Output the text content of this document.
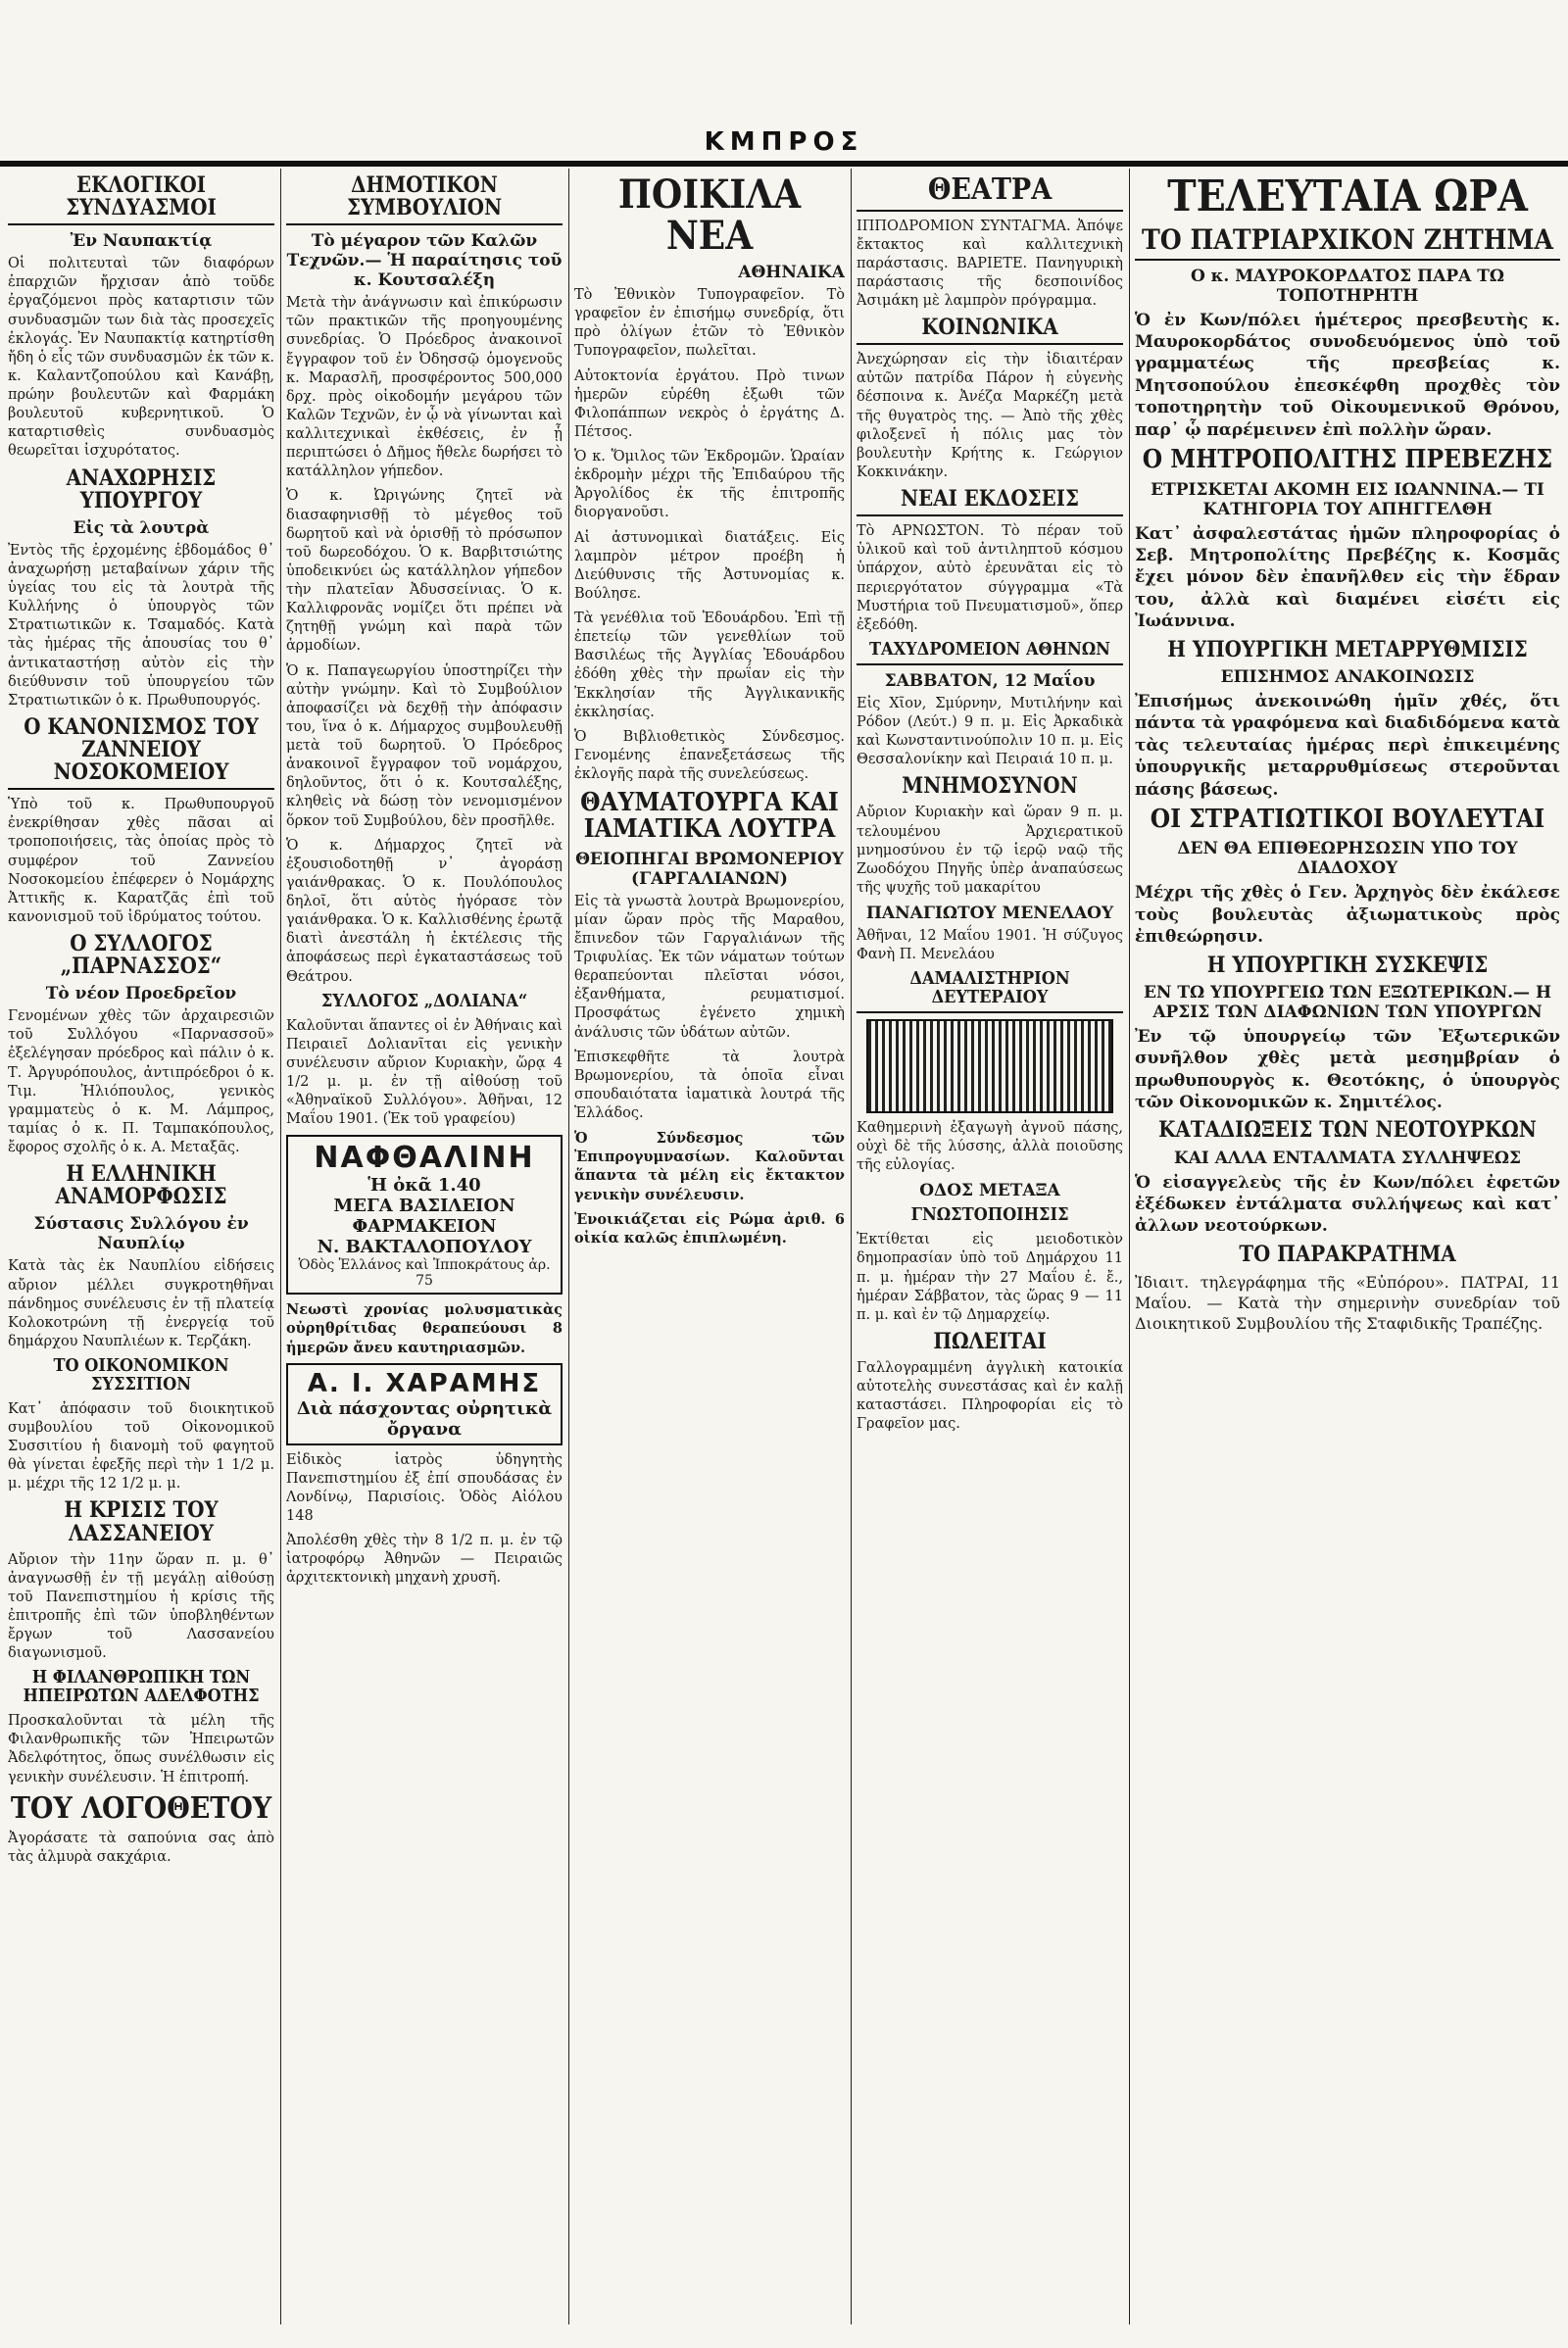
ΚΜΠΡΟΣ
ΕΚΛΟΓΙΚΟΙ ΣΥΝΔΥΑΣΜΟΙ
Ἐν Ναυπακτίᾳ

Οἱ πολιτευταὶ τῶν διαφόρων ἐπαρχιῶν ἤρχισαν ἀπὸ τοῦδε ἐργαζόμενοι πρὸς καταρτισιν τῶν συνδυασμῶν των διὰ τὰς προσεχεῖς ἐκλογάς. Ἐν Ναυπακτίᾳ κατηρτίσθη ἤδη ὁ εἷς τῶν συνδυασμῶν ἐκ τῶν κ. κ. Καλαντζοπούλου καὶ Κανάβῃ, πρώην βουλευτῶν καὶ Φαρμάκη βουλευτοῦ κυβερνητικοῦ. Ὁ καταρτισθεὶς συνδυασμὸς θεωρεῖται ἰσχυρότατος.

ΑΝΑΧΩΡΗΣΙΣ ΥΠΟΥΡΓΟΥ
Εἰς τὰ λουτρὰ

Ἐντὸς τῆς ἐρχομένης ἑβδομάδος θ᾽ ἀναχωρήσῃ μεταβαίνων χάριν τῆς ὑγείας του εἰς τὰ λουτρὰ τῆς Κυλλήνης ὁ ὑπουργὸς τῶν Στρατιωτικῶν κ. Τσαμαδός. Κατὰ τὰς ἡμέρας τῆς ἀπουσίας του θ᾽ ἀντικαταστήσῃ αὐτὸν εἰς τὴν διεύθυνσιν τοῦ ὑπουργείου τῶν Στρατιωτικῶν ὁ κ. Πρωθυπουργός.

Ο ΚΑΝΟΝΙΣΜΟΣ ΤΟΥ ΖΑΝΝΕΙΟΥ ΝΟΣΟΚΟΜΕΙΟΥ

Ὑπὸ τοῦ κ. Πρωθυπουργοῦ ἐνεκρίθησαν χθὲς πᾶσαι αἱ τροποποιήσεις, τὰς ὁποίας πρὸς τὸ συμφέρον τοῦ Ζαννείου Νοσοκομείου ἐπέφερεν ὁ Νομάρχης Ἀττικῆς κ. Καρατζᾶς ἐπὶ τοῦ κανονισμοῦ τοῦ ἱδρύματος τούτου.

Ο ΣΥΛΛΟΓΟΣ „ΠΑΡΝΑΣΣΟΣ“
Τὸ νέον Προεδρεῖον

Γενομένων χθὲς τῶν ἀρχαιρεσιῶν τοῦ Συλλόγου «Παρνασσοῦ» ἐξελέγησαν πρόεδρος καὶ πάλιν ὁ κ. Τ. Ἀργυρόπουλος, ἀντιπρόεδροι ὁ κ. Τιμ. Ἠλιόπουλος, γενικὸς γραμματεὺς ὁ κ. Μ. Λάμπρος, ταμίας ὁ κ. Π. Ταμπακόπουλος, ἔφορος σχολῆς ὁ κ. Α. Μεταξᾶς.

Η ΕΛΛΗΝΙΚΗ ΑΝΑΜΟΡΦΩΣΙΣ
Σύστασις Συλλόγου ἐν Ναυπλίῳ

Κατὰ τὰς ἐκ Ναυπλίου εἰδήσεις αὔριον μέλλει συγκροτηθῆναι πάνδημος συνέλευσις ἐν τῇ πλατείᾳ Κολοκοτρώνη τῇ ἐνεργείᾳ τοῦ δημάρχου Ναυπλιέων κ. Τερζάκη.

ΤΟ ΟΙΚΟΝΟΜΙΚΟΝ ΣΥΣΣΙΤΙΟΝ

Κατ᾽ ἀπόφασιν τοῦ διοικητικοῦ συμβουλίου τοῦ Οἰκονομικοῦ Συσσιτίου ἡ διανομὴ τοῦ φαγητοῦ θὰ γίνεται ἐφεξῆς περὶ τὴν 1 1/2 μ. μ. μέχρι τῆς 12 1/2 μ. μ.

Η ΚΡΙΣΙΣ ΤΟΥ ΛΑΣΣΑΝΕΙΟΥ

Αὔριον τὴν 11ην ὥραν π. μ. θ᾽ ἀναγνωσθῇ ἐν τῇ μεγάλῃ αἰθούσῃ τοῦ Πανεπιστημίου ἡ κρίσις τῆς ἐπιτροπῆς ἐπὶ τῶν ὑποβληθέντων ἔργων τοῦ Λασσανείου διαγωνισμοῦ.

Η ΦΙΛΑΝΘΡΩΠΙΚΗ ΤΩΝ ΗΠΕΙΡΩΤΩΝ ΑΔΕΛΦΟΤΗΣ

Προσκαλοῦνται τὰ μέλη τῆς Φιλανθρωπικῆς τῶν Ἠπειρωτῶν Ἀδελφότητος, ὅπως συνέλθωσιν εἰς γενικὴν συνέλευσιν. Ἡ ἐπιτροπή.

ΤΟΥ ΛΟΓΟΘΕΤΟΥ

Ἀγοράσατε τὰ σαπούνια σας ἀπὸ τὰς ἀλμυρὰ σακχάρια.

ΔΗΜΟΤΙΚΟΝ ΣΥΜΒΟΥΛΙΟΝ
Τὸ μέγαρον τῶν Καλῶν Τεχνῶν.— Ἡ παραίτησις τοῦ κ. Κουτσαλέξη

Μετὰ τὴν ἀνάγνωσιν καὶ ἐπικύρωσιν τῶν πρακτικῶν τῆς προηγουμένης συνεδρίας. Ὁ Πρόεδρος ἀνακοινοῖ ἔγγραφον τοῦ ἐν Ὀδησσῷ ὁμογενοῦς κ. Μαρασλῆ, προσφέροντος 500,000 δρχ. πρὸς οἰκοδομήν μεγάρου τῶν Καλῶν Τεχνῶν, ἐν ᾧ νὰ γίνωνται καὶ καλλιτεχνικαὶ ἐκθέσεις, ἐν ᾗ περιπτώσει ὁ Δῆμος ἤθελε δωρήσει τὸ κατάλληλον γήπεδον.

Ὁ κ. Ὠριγώνης ζητεῖ νὰ διασαφηνισθῇ τὸ μέγεθος τοῦ δωρητοῦ καὶ νὰ ὁρισθῇ τὸ πρόσωπον τοῦ δωρεοδόχου. Ὁ κ. Βαρβιτσιώτης ὑποδεικνύει ὡς κατάλληλον γήπεδον τὴν πλατεῖαν Ἀδυσσείνιας. Ὁ κ. Καλλιφρονᾶς νομίζει ὅτι πρέπει νὰ ζητηθῇ γνώμη καὶ παρὰ τῶν ἁρμοδίων.

Ὁ κ. Παπαγεωργίου ὑποστηρίζει τὴν αὐτὴν γνώμην. Καὶ τὸ Συμβούλιον ἀποφασίζει νὰ δεχθῇ τὴν ἀπόφασιν του, ἵνα ὁ κ. Δήμαρχος συμβουλευθῇ μετὰ τοῦ δωρητοῦ. Ὁ Πρόεδρος ἀνακοινοῖ ἔγγραφον τοῦ νομάρχου, δηλοῦντος, ὅτι ὁ κ. Κουτσαλέξης, κληθεὶς νὰ δώσῃ τὸν νενομισμένον ὅρκον τοῦ Συμβούλου, δὲν προσῆλθε.

Ὁ κ. Δήμαρχος ζητεῖ νὰ ἐξουσιοδοτηθῇ ν᾽ ἀγοράσῃ γαιάνθρακας. Ὁ κ. Πουλόπουλος δηλοῖ, ὅτι αὐτὸς ἠγόρασε τὸν γαιάνθρακα. Ὁ κ. Καλλισθένης ἐρωτᾷ διατὶ ἀνεστάλη ἡ ἐκτέλεσις τῆς ἀποφάσεως περὶ ἐγκαταστάσεως τοῦ Θεάτρου.

ΣΥΛΛΟΓΟΣ „ΔΟΛΙΑΝΑ“

Καλοῦνται ἅπαντες οἱ ἐν Ἀθήναις καὶ Πειραιεῖ Δολιανῖται εἰς γενικὴν συνέλευσιν αὔριον Κυριακὴν, ὥρᾳ 4 1/2 μ. μ. ἐν τῇ αἰθούσῃ τοῦ «Ἀθηναϊκοῦ Συλλόγου». Ἀθῆναι, 12 Μαΐου 1901. (Ἐκ τοῦ γραφείου)

ΝΑΦΘΑΛΙΝΗ
Ἡ ὀκᾶ 1.40
ΜΕΓΑ ΒΑΣΙΛΕΙΟΝ ΦΑΡΜΑΚΕΙΟΝ
Ν. ΒΑΚΤΑΛΟΠΟΥΛΟΥ
Ὁδὸς Ἑλλάνος καὶ Ἱπποκράτους ἀρ. 75

Νεωστὶ χρονίας μολυσματικὰς οὐρηθρίτιδας θεραπεύουσι 8 ἡμερῶν ἄνευ καυτηριασμῶν.

Α. Ι. ΧΑΡΑΜΗΣ
Διὰ πάσχοντας οὐρητικὰ ὄργανα

Εἰδικὸς ἰατρὸς ὑδηγητὴς Πανεπιστημίου ἐξ ἐπί σπουδάσας ἐν Λονδίνῳ, Παρισίοις. Ὁδὸς Αἰόλου 148

Ἀπολέσθη χθὲς τὴν 8 1/2 π. μ. ἐν τῷ ἰατροφόρῳ Ἀθηνῶν — Πειραιῶς ἀρχιτεκτονικὴ μηχανὴ χρυσῆ.

ΠΟΙΚΙΛΑ ΝΕΑ
ΑΘΗΝΑΙΚΑ

Τὸ Ἐθνικὸν Τυπογραφεῖον. Τὸ γραφεῖον ἐν ἐπισήμῳ συνεδρίᾳ, ὅτι πρὸ ὀλίγων ἐτῶν τὸ Ἐθνικὸν Τυπογραφεῖον, πωλεῖται.

Αὐτοκτονία ἐργάτου. Πρὸ τινων ἡμερῶν εὑρέθη ἐξωθι τῶν Φιλοπάππων νεκρὸς ὁ ἐργάτης Δ. Πέτσος.

Ὁ κ. Ὅμιλος τῶν Ἐκδρομῶν. Ὡραίαν ἐκδρομὴν μέχρι τῆς Ἐπιδαύρου τῆς Ἀργολίδος ἐκ τῆς ἐπιτροπῆς διοργανοῦσι.

Αἱ ἀστυνομικαὶ διατάξεις. Εἰς λαμπρὸν μέτρον προέβη ἡ Διεύθυνσις τῆς Ἀστυνομίας κ. Βούλησε.

Τὰ γενέθλια τοῦ Ἐδουάρδου. Ἐπὶ τῇ ἐπετείῳ τῶν γενεθλίων τοῦ Βασιλέως τῆς Ἀγγλίας Ἐδουάρδου ἐδόθη χθὲς τὴν πρωΐαν εἰς τὴν Ἐκκλησίαν τῆς Ἀγγλικανικῆς ἐκκλησίας.

Ὁ Βιβλιοθετικὸς Σύνδεσμος. Γενομένης ἐπανεξετάσεως τῆς ἐκλογῆς παρὰ τῆς συνελεύσεως.

ΘΑΥΜΑΤΟΥΡΓΑ ΚΑΙ ΙΑΜΑΤΙΚΑ ΛΟΥΤΡΑ
ΘΕΙΟΠΗΓΑΙ ΒΡΩΜΟΝΕΡΙΟΥ (ΓΑΡΓΑΛΙΑΝΩΝ)

Εἰς τὰ γνωστὰ λουτρὰ Βρωμονερίου, μίαν ὥραν πρὸς τῆς Μαραθου, ἔπινεδον τῶν Γαργαλιάνων τῆς Τριφυλίας. Ἐκ τῶν νάματων τούτων θεραπεύονται πλεῖσται νόσοι, ἐξανθήματα, ρευματισμοί. Προσφάτως ἐγένετο χημικὴ ἀνάλυσις τῶν ὑδάτων αὐτῶν.

Ἐπισκεφθῆτε τὰ λουτρὰ Βρωμονερίου, τὰ ὁποῖα εἶναι σπουδαιότατα ἰαματικὰ λουτρά τῆς Ἑλλάδος.

Ὁ Σύνδεσμος τῶν Ἐπιπρογυμνασίων. Καλοῦνται ἅπαντα τὰ μέλη εἰς ἔκτακτον γενικὴν συνέλευσιν.

Ἐνοικιάζεται εἰς Ρώμα ἀριθ. 6 οἰκία καλῶς ἐπιπλωμένη.

ΘΕΑΤΡΑ

ΙΠΠΟΔΡΟΜΙΟΝ ΣΥΝΤΑΓΜΑ. Ἀπόψε ἔκτακτος καὶ καλλιτεχνικὴ παράστασις. ΒΑΡΙΕΤΕ. Πανηγυρικὴ παράστασις τῆς δεσποινίδος Ἀσιμάκη μὲ λαμπρὸν πρόγραμμα.

ΚΟΙΝΩΝΙΚΑ

Ἀνεχώρησαν εἰς τὴν ἰδιαιτέραν αὐτῶν πατρίδα Πάρον ἡ εὐγενὴς δέσποινα κ. Ἀνέζα Μαρκέζη μετὰ τῆς θυγατρὸς της. — Ἀπὸ τῆς χθὲς φιλοξενεῖ ἡ πόλις μας τὸν βουλευτὴν Κρήτης κ. Γεώργιον Κοκκινάκην.

ΝΕΑΙ ΕΚΔΟΣΕΙΣ

Τὸ ΑΡΝΩΣΤΟΝ. Τὸ πέραν τοῦ ὑλικοῦ καὶ τοῦ ἀντιληπτοῦ κόσμου ὑπάρχον, αὐτὸ ἐρευνᾶται εἰς τὸ περιεργότατον σύγγραμμα «Τὰ Μυστήρια τοῦ Πνευματισμοῦ», ὅπερ ἐξεδόθη.

ΤΑΧΥΔΡΟΜΕΙΟΝ ΑΘΗΝΩΝ
ΣΑΒΒΑΤΟΝ, 12 Μαΐου

Εἰς Χῖον, Σμύρνην, Μυτιλήνην καὶ Ρόδον (Λεύτ.) 9 π. μ. Εἰς Ἀρκαδικὰ καὶ Κωνσταντινούπολιν 10 π. μ. Εἰς Θεσσαλονίκην καὶ Πειραιά 10 π. μ.

ΜΝΗΜΟΣΥΝΟΝ

Αὔριον Κυριακὴν καὶ ὥραν 9 π. μ. τελουμένου Ἀρχιερατικοῦ μνημοσύνου ἐν τῷ ἱερῷ ναῷ τῆς Ζωοδόχου Πηγῆς ὑπὲρ ἀναπαύσεως τῆς ψυχῆς τοῦ μακαρίτου

ΠΑΝΑΓΙΩΤΟΥ ΜΕΝΕΛΑΟΥ

Ἀθῆναι, 12 Μαΐου 1901. Ἡ σύζυγος Φανὴ Π. Μενελάου

ΔΑΜΑΛΙΣΤΗΡΙΟΝ ΔΕΥΤΕΡΑΙΟΥ

Καθημερινὴ ἐξαγωγὴ ἀγνοῦ πάσης, οὐχὶ δὲ τῆς λύσσης, ἀλλὰ ποιοῦσης τῆς εὐλογίας.

ΟΔΟΣ ΜΕΤΑΞΑ
ΓΝΩΣΤΟΠΟΙΗΣΙΣ

Ἐκτίθεται εἰς μειοδοτικὸν δημοπρασίαν ὑπὸ τοῦ Δημάρχου 11 π. μ. ἡμέραν τὴν 27 Μαΐου ἐ. ἔ., ἡμέραν Σάββατον, τὰς ὥρας 9 — 11 π. μ. καὶ ἐν τῷ Δημαρχείῳ.

ΠΩΛΕΙΤΑΙ

Γαλλογραμμένη ἀγγλικὴ κατοικία αὐτοτελὴς συνεστάσας καὶ ἐν καλῇ καταστάσει. Πληροφορίαι εἰς τὸ Γραφεῖον μας.

ΤΕΛΕΥΤΑΙΑ ΩΡΑ
ΤΟ ΠΑΤΡΙΑΡΧΙΚΟΝ ΖΗΤΗΜΑ
Ο κ. ΜΑΥΡΟΚΟΡΔΑΤΟΣ ΠΑΡΑ ΤΩ ΤΟΠΟΤΗΡΗΤΗ

Ὁ ἐν Κων/πόλει ἡμέτερος πρεσβευτὴς κ. Μαυροκορδάτος συνοδευόμενος ὑπὸ τοῦ γραμματέως τῆς πρεσβείας κ. Μητσοπούλου ἐπεσκέφθη προχθὲς τὸν τοποτηρητὴν τοῦ Οἰκουμενικοῦ Θρόνου, παρ᾽ ᾧ παρέμεινεν ἐπὶ πολλὴν ὥραν.

Ο ΜΗΤΡΟΠΟΛΙΤΗΣ ΠΡΕΒΕΖΗΣ
ΕΤΡΙΣΚΕΤΑΙ ΑΚΟΜΗ ΕΙΣ ΙΩΑΝΝΙΝΑ.— ΤΙ ΚΑΤΗΓΟΡΙΑ ΤΟΥ ΑΠΗΓΓΕΛΘΗ

Κατ᾽ ἀσφαλεστάτας ἡμῶν πληροφορίας ὁ Σεβ. Μητροπολίτης Πρεβέζης κ. Κοσμᾶς ἔχει μόνον δὲν ἐπανῆλθεν εἰς τὴν ἕδραν του, ἀλλὰ καὶ διαμένει εἰσέτι εἰς Ἰωάννινα.

Η ΥΠΟΥΡΓΙΚΗ ΜΕΤΑΡΡΥΘΜΙΣΙΣ
ΕΠΙΣΗΜΟΣ ΑΝΑΚΟΙΝΩΣΙΣ

Ἐπισήμως ἀνεκοινώθη ἡμῖν χθές, ὅτι πάντα τὰ γραφόμενα καὶ διαδιδόμενα κατὰ τὰς τελευταίας ἡμέρας περὶ ἐπικειμένης ὑπουργικῆς μεταρρυθμίσεως στεροῦνται πάσης βάσεως.

ΟΙ ΣΤΡΑΤΙΩΤΙΚΟΙ ΒΟΥΛΕΥΤΑΙ
ΔΕΝ ΘΑ ΕΠΙΘΕΩΡΗΣΩΣΙΝ ΥΠΟ ΤΟΥ ΔΙΑΔΟΧΟΥ

Μέχρι τῆς χθὲς ὁ Γεν. Ἀρχηγὸς δὲν ἐκάλεσε τοὺς βουλευτὰς ἀξιωματικοὺς πρὸς ἐπιθεώρησιν.

Η ΥΠΟΥΡΓΙΚΗ ΣΥΣΚΕΨΙΣ
ΕΝ ΤΩ ΥΠΟΥΡΓΕΙΩ ΤΩΝ ΕΞΩΤΕΡΙΚΩΝ.— Η ΑΡΣΙΣ ΤΩΝ ΔΙΑΦΩΝΙΩΝ ΤΩΝ ΥΠΟΥΡΓΩΝ

Ἐν τῷ ὑπουργείῳ τῶν Ἐξωτερικῶν συνῆλθον χθὲς μετὰ μεσημβρίαν ὁ πρωθυπουργὸς κ. Θεοτόκης, ὁ ὑπουργὸς τῶν Οἰκονομικῶν κ. Σημιτέλος.

ΚΑΤΑΔΙΩΞΕΙΣ ΤΩΝ ΝΕΟΤΟΥΡΚΩΝ
ΚΑΙ ΑΛΛΑ ΕΝΤΑΛΜΑΤΑ ΣΥΛΛΗΨΕΩΣ

Ὁ εἰσαγγελεὺς τῆς ἐν Κων/πόλει ἐφετῶν ἐξέδωκεν ἐντάλματα συλλήψεως καὶ κατ᾽ ἀλλων νεοτούρκων.

ΤΟ ΠΑΡΑΚΡΑΤΗΜΑ

Ἰδιαιτ. τηλεγράφημα τῆς «Εὐπόρου». ΠΑΤΡΑΙ, 11 Μαΐου. — Κατὰ τὴν σημερινὴν συνεδρίαν τοῦ Διοικητικοῦ Συμβουλίου τῆς Σταφιδικῆς Τραπέζης.
